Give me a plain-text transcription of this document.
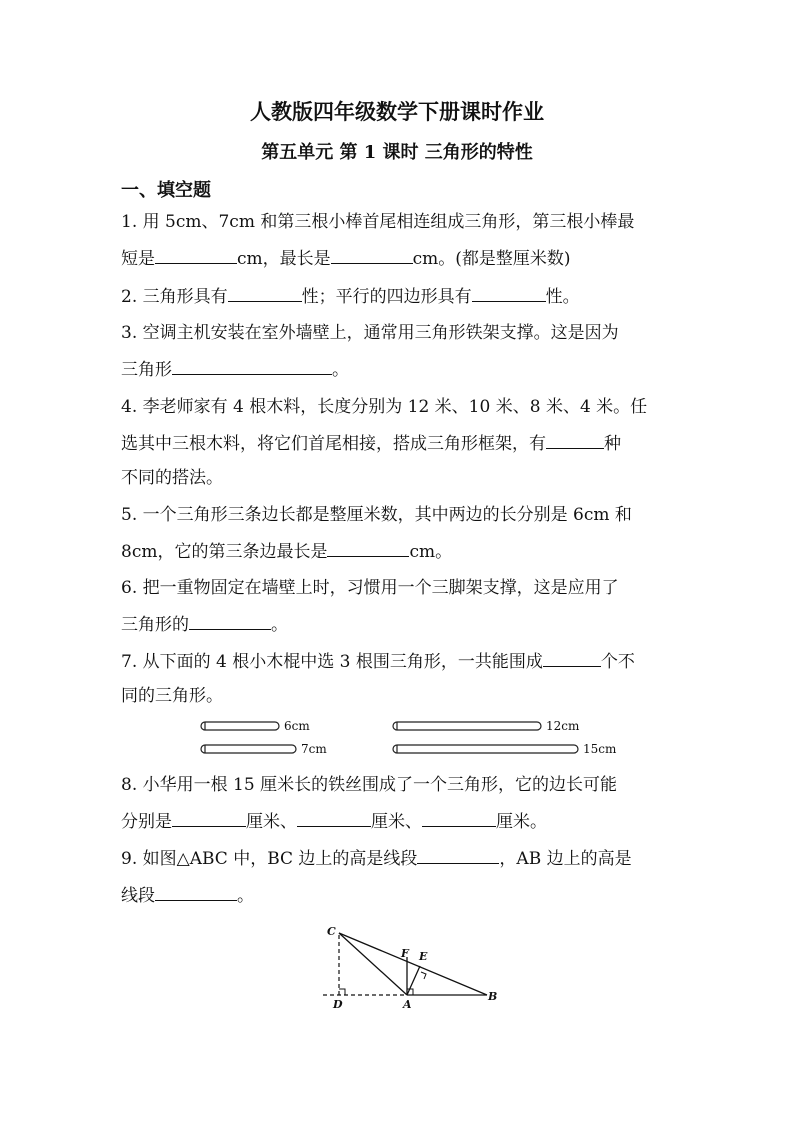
人教版四年级数学下册课时作业
第五单元 第 1 课时 三角形的特性
一、填空题
1. 用 5cm、7cm 和第三根小棒首尾相连组成三角形，第三根小棒最
短是	cm，最长是	cm。(都是整厘米数)
2. 三角形具有	性；平行的四边形具有	性。
3. 空调主机安装在室外墙壁上，通常用三角形铁架支撑。这是因为
三角形	。
4. 李老师家有 4 根木料，长度分别为 12 米、10 米、8 米、4 米。任
选其中三根木料，将它们首尾相接，搭成三角形框架，有	种
不同的搭法。
5. 一个三角形三条边长都是整厘米数，其中两边的长分别是 6cm 和
8cm，它的第三条边最长是	cm。
6. 把一重物固定在墙壁上时，习惯用一个三脚架支撑，这是应用了
三角形的	。
7. 从下面的 4 根小木棍中选 3 根围三角形，一共能围成	个不
同的三角形。
6cm
7cm
12cm
15cm
8. 小华用一根 15 厘米长的铁丝围成了一个三角形，它的边长可能
分别是	厘米、	厘米、	厘米。
9. 如图△ABC 中，BC 边上的高是线段	，AB 边上的高是
线段	。
C
F E
D	A
B
